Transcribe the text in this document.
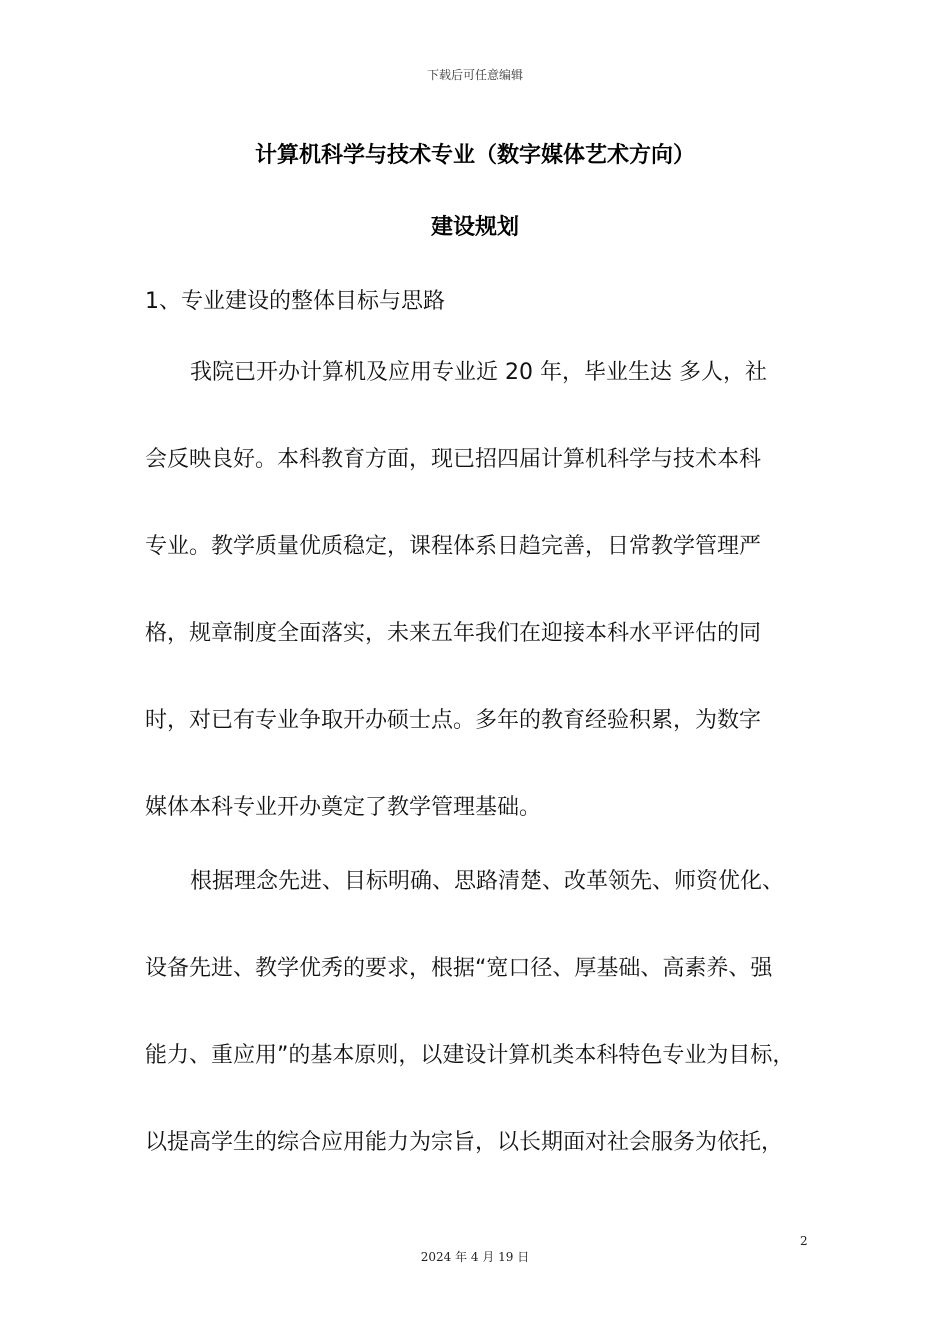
下载后可任意编辑
计算机科学与技术专业（数字媒体艺术方向）
建设规划
1、专业建设的整体目标与思路
我院已开办计算机及应用专业近 20 年，毕业生达 多人，社
会反映良好。本科教育方面，现已招四届计算机科学与技术本科
专业。教学质量优质稳定，课程体系日趋完善，日常教学管理严
格，规章制度全面落实，未来五年我们在迎接本科水平评估的同
时，对已有专业争取开办硕士点。多年的教育经验积累，为数字
媒体本科专业开办奠定了教学管理基础。
根据理念先进、目标明确、思路清楚、改革领先、师资优化、
设备先进、教学优秀的要求，根据“宽口径、厚基础、高素养、强
能力、重应用”的基本原则，以建设计算机类本科特色专业为目标，
以提高学生的综合应用能力为宗旨，以长期面对社会服务为依托，
2
2024 年 4 月 19 日
